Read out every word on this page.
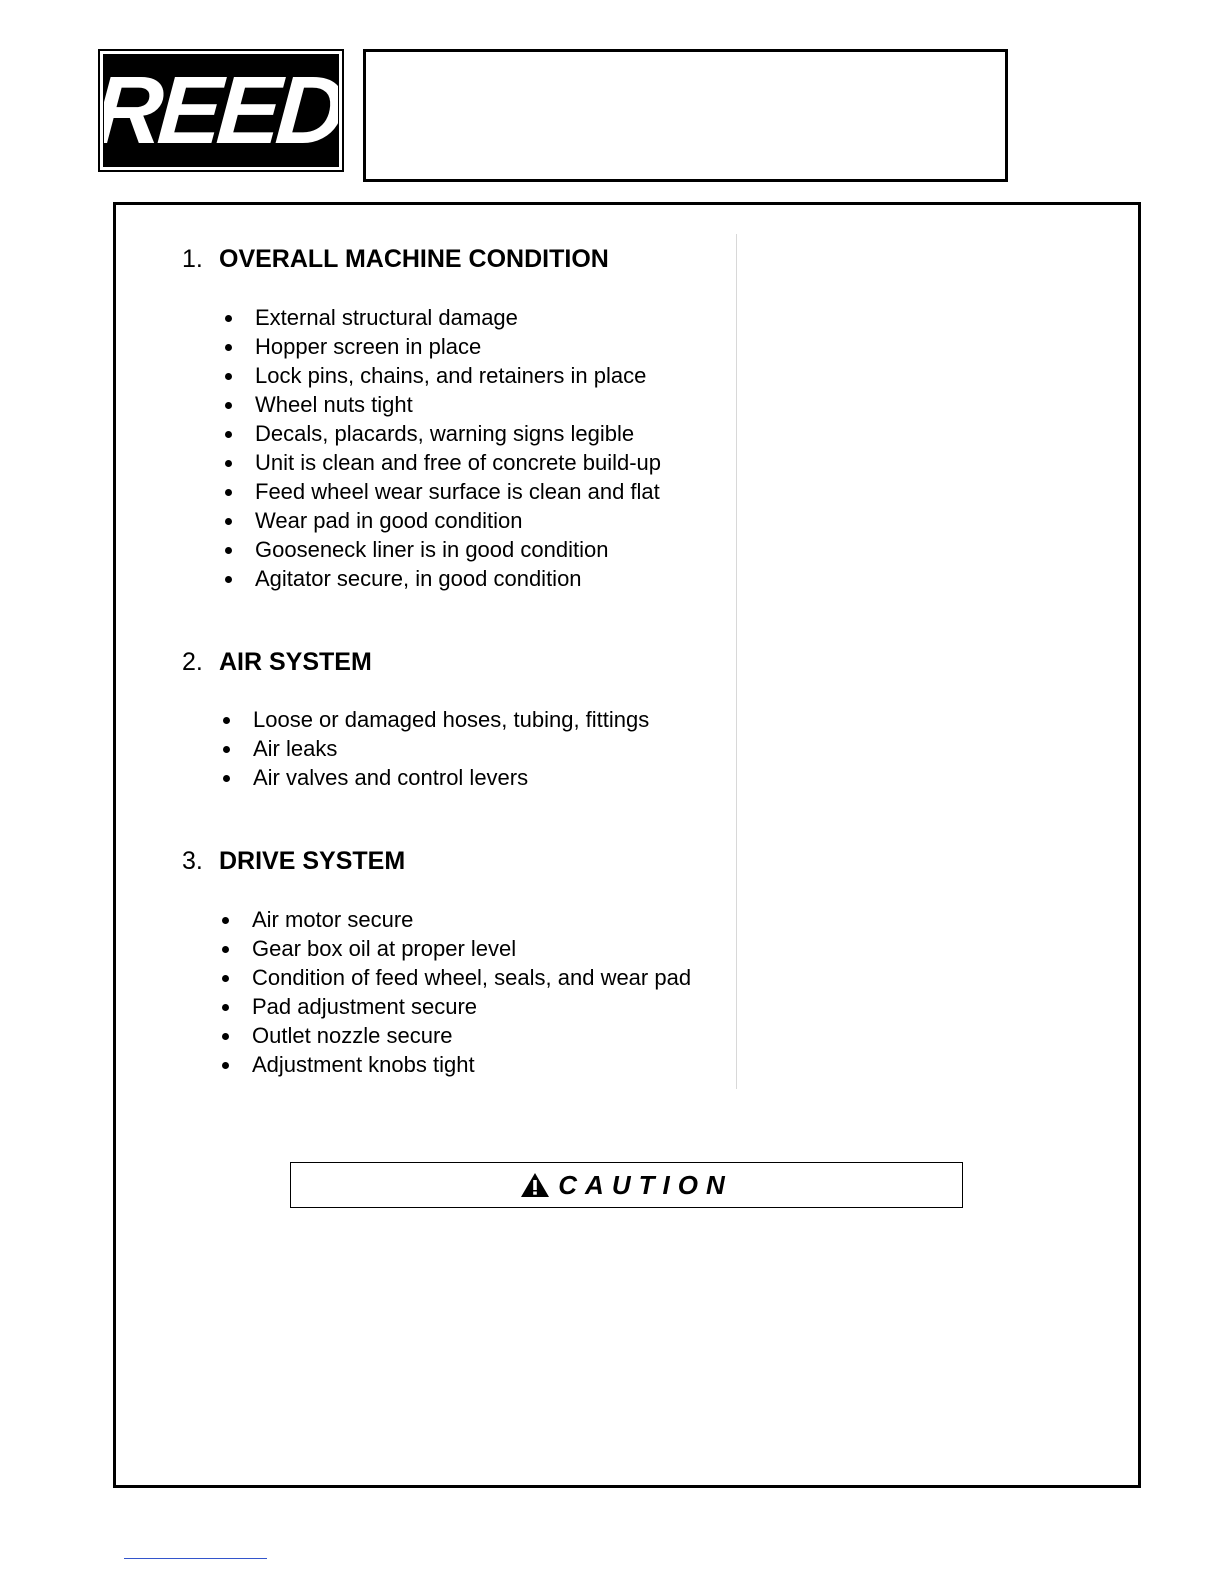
REED
1. OVERALL MACHINE CONDITION
External structural damage
Hopper screen in place
Lock pins, chains, and retainers in place
Wheel nuts tight
Decals, placards, warning signs legible
Unit is clean and free of concrete build-up
Feed wheel wear surface is clean and flat
Wear pad in good condition
Gooseneck liner is in good condition
Agitator secure, in good condition
2. AIR SYSTEM
Loose or damaged hoses, tubing, fittings
Air leaks
Air valves and control levers
3. DRIVE SYSTEM
Air motor secure
Gear box oil at proper level
Condition of feed wheel, seals, and wear pad
Pad adjustment secure
Outlet nozzle secure
Adjustment knobs tight
CAUTION
